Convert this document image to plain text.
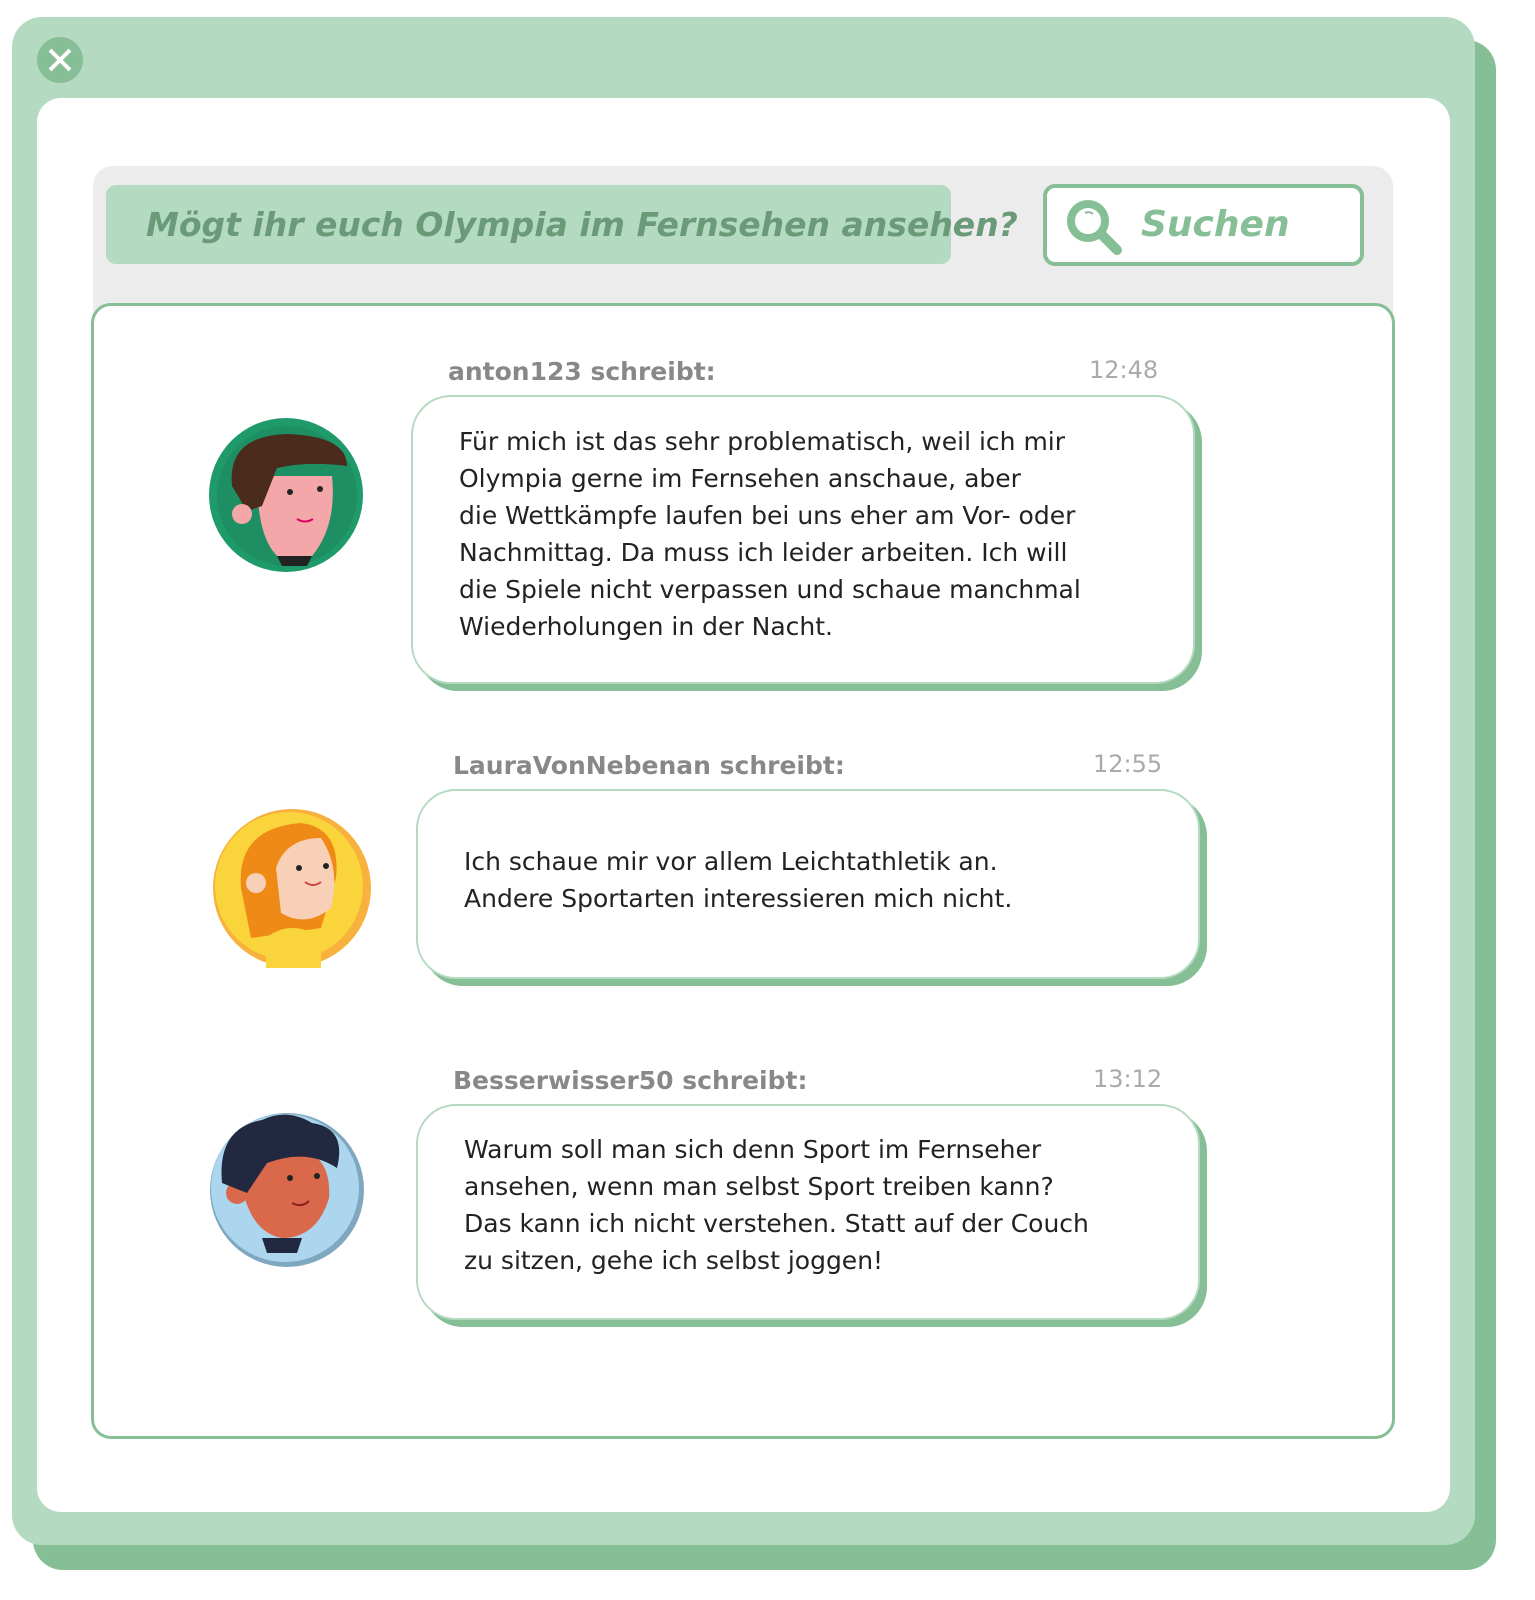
Mögt ihr euch Olympia im Fernsehen ansehen?	Suchen
anton123 schreibt:	12:48
Für mich ist das sehr problematisch, weil ich mir
Olympia gerne im Fernsehen anschaue, aber
die Wettkämpfe laufen bei uns eher am Vor- oder
Nachmittag. Da muss ich leider arbeiten. Ich will
die Spiele nicht verpassen und schaue manchmal
Wiederholungen in der Nacht.
LauraVonNebenan schreibt:	12:55
Ich schaue mir vor allem Leichtathletik an.
Andere Sportarten interessieren mich nicht.
Besserwisser50 schreibt:	13:12
Warum soll man sich denn Sport im Fernseher
ansehen, wenn man selbst Sport treiben kann?
Das kann ich nicht verstehen. Statt auf der Couch
zu sitzen, gehe ich selbst joggen!
